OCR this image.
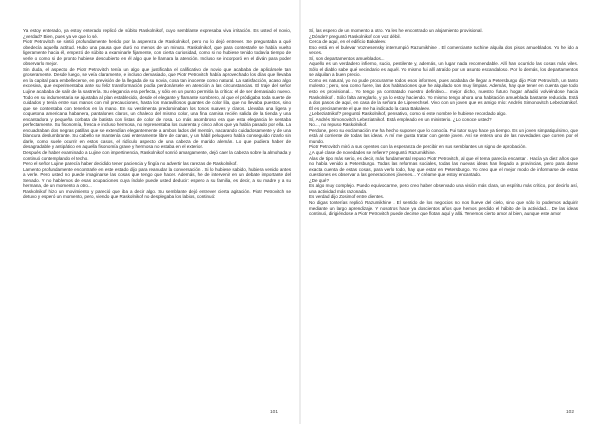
Ya estoy enterado, ya estoy enterado replicó de súbito Raskolnikof, cuyo semblante expresaba viva irritación. Es usted el novio, ¿verdad? Bien, pues ya ve que lo sé.

Piotr Petrovitch se sintió profundamente herido por la aspereza de Raskolnikof, pero no lo dejó entrever. Se preguntaba a qué obedecía aquella actitud. Hubo una pausa que duró no menos de un minuto. Raskolnikof, que para contestarle se había vuelto ligeramente hacia él, empezó de súbito a examinarle fijamente, con cierta curiosidad, como si no hubiese tenido todavía tiempo de verle o como si de pronto hubiese descubierto en él algo que le llamara la atención. Incluso se incorporó en el diván para poder observarlo mejor.

Sin duda, el aspecto de Piotr Petrovitch tenía un algo que justificaba el calificativo de novio que acababa de aplicársele tan groseramente. Desde luego, se veía claramente, e incluso demasiado, que Piotr Petrovitch había aprovechado los días que llevaba en la capital para embellecerse, en previsión de la llegada de su novia, cosa tan inocente como natural. La satisfacción, acaso algo excesiva, que experimentaba ante su feliz transformación podía perdonársele en atención a las circunstancias. El traje del señor Lujine acababa de salir de la sastrería. Su elegancia era perfecta, y sólo en un punto permitía la crítica: el de ser demasiado nuevo. Todo en su indumentaria se ajustaba al plan establecido, desde el elegante y flamante sombrero, al que el pródigaba toda suerte de cuidados y tenía entre sus manos con mil precauciones, hasta los maravillosos guantes de color lila, que no llevaba puestos, sino que se contentaba con tenerlos en la mano. En su vestimenta predominaban los tonos suaves y claros. Llevaba una ligera y coquetona americana habanera, pantalones claros, un chaleco del mismo color, una fina camisa recién salida de la tienda y una encantadora y pequeña corbata de batista con listas de color de rosa. Lo más asombroso era que esta elegancia le sentaba perfectamente. Su fisonomía, fresca e incluso hermosa, no representaba los cuarenta y cinco años que ya había pasado por ella. La encuadraban dos negras patillas que se extendían elegantemente a ambos lados del mentón, nacarando cuidadosamente y de una blancura deslumbrante. Su cabello se mantenía casi enteramente libre de canas, y un hábil peluquero había conseguido rizarlo sin darle, como suele ocurrir en estos casos, el ridículo aspecto de una cabeza de marido alemán. Lo que pudiera haber de desagradable y antipático en aquella fisonomía grave y hermosa no estaba en el exterior.

Después de haber examinado a Lujine con impertinencia, Raskolnikof sonrió amargamente, dejó caer la cabeza sobre la almohada y continuó contemplando el techo.

Pero el señor Lujine parecía haber decidido tener paciencia y fingía no advertir las rarezas de Raskolnikof.

Lamento profundamente encontrarle en este estado dijo para reanudar la conversación . Si lo hubiese sabido, hubiera venido antes a verle. Pero usted no puede imaginarse las cosas que tengo que hacer. Además, he de intervenir en un debate importante del Senado. Y no hablemos de esas ocupaciones cuya índole puede usted deducir: espero a su familia, es decir, a su madre y a su hermana, de un momento a otro...

Raskolnikof hizo un movimiento y pareció que iba a decir algo. Su semblante dejó entrever cierta agitación. Piotr Petrovitch se detuvo y esperó un momento, pero, viendo que Raskolnikof no desplegaba los labios, continuó:

101

Sí, las espero de un momento a otro. Ya les he encontrado un alojamiento provisional.

¿Dónde? preguntó Raskolnikof con voz débil.

Cerca de aquí, en el edificio Bakaleev.

Eso está en el bulevar Voznesensky interrumpió Razumikhine . El comerciante Iuchine alquila dos pisos amueblados. Yo he ido a veces.

Sí, son departamentos amueblados...

Aquello es un verdadero infierno, sucio, pestilente y, además, un lugar nada recomendable. Allí han ocurrido las cosas más viles. Sólo el diablo sabe qué vecindario es aquél. Yo mismo fui allí atraído por un asunto escandaloso. Por lo demás, los departamentos se alquilan a buen precio.

Como es natural, yo no pude procurarme todos esos informes, pues acababa de llegar a Petersburgo dijo Piotr Petrovitch, un tanto molesto ; pero, sea como fuere, las dos habitaciones que he alquilado son muy limpias. Además, hay que tener en cuenta que todo esto es provisional... Yo tengo ya contratado nuestro definitivo... mejor dicho, nuestro futuro hogar añadió volviéndose hacia Raskolnikof . Sólo falta arreglarlo, y ya lo estoy haciendo. Yo mismo tengo ahora una habitación amueblada bastante reducida. Está a dos pasos de aquí, en casa de la señora de Lipevechsel. Vivo con un joven que es amigo mío: Andrés Simonovitch Lebeziatnikof. Él es precisamente el que me ha indicado la casa Bakaleev.

¿Lebeziatnikof? preguntó Raskolnikof, pensativo, como si este nombre le hubiese recordado algo.

Sí, Andrés Simonovitch Lebeziatnikof. Está empleado en un ministerio. ¿Lo conoce usted?

No..., no repuso Raskolnikof.

Perdone, pero su exclamación me ha hecho suponer que lo conocía. Fui tutor suyo hace ya tiempo. Es un joven simpatiquísimo, que está al corriente de todas las ideas. A mí me gusta tratar con gente joven. Así se entera uno de las novedades que corren por el mundo.

Piotr Petrovitch miró a sus oyentes con la esperanza de percibir en sus semblantes un signo de aprobación.

¿A qué clase de novedades se refiere? preguntó Razumikhine.

Alas de tipo más serio, es decir, más fundamental repuso Piotr Petrovitch, al que el tema parecía encantar . Hacía ya diez años que no había venido a Petersburgo. Todas las reformas sociales, todas las nuevas ideas han llegado a provincias, pero para darse exacta cuenta de estas cosas, para verlo todo, hay que estar en Petersburgo. Yo creo que el mejor modo de informarse de estas cuestiones es observar a las generaciones jóvenes... Y créame que estoy encantado.

¿De qué?

Es algo muy complejo. Puedo equivocarme, pero creo haber observado una visión más clara, un espíritu más crítico, por decirlo así, una actividad más razonada.

Es verdad dijo Zosimof entre dientes.

No digas tonterías replicó Razumikhine . El sentido de los negocios no nos llueve del cielo, sino que sólo lo podemos adquirir mediante un largo aprendizaje. Y nosotros hace ya doscientos años que hemos perdido el hábito de la actividad... De las ideas continuó, dirigiéndose a Piotr Petrovitch puede decirse que flotan aquí y allá. Tenemos cierto amor al bien, aunque este amor

102
